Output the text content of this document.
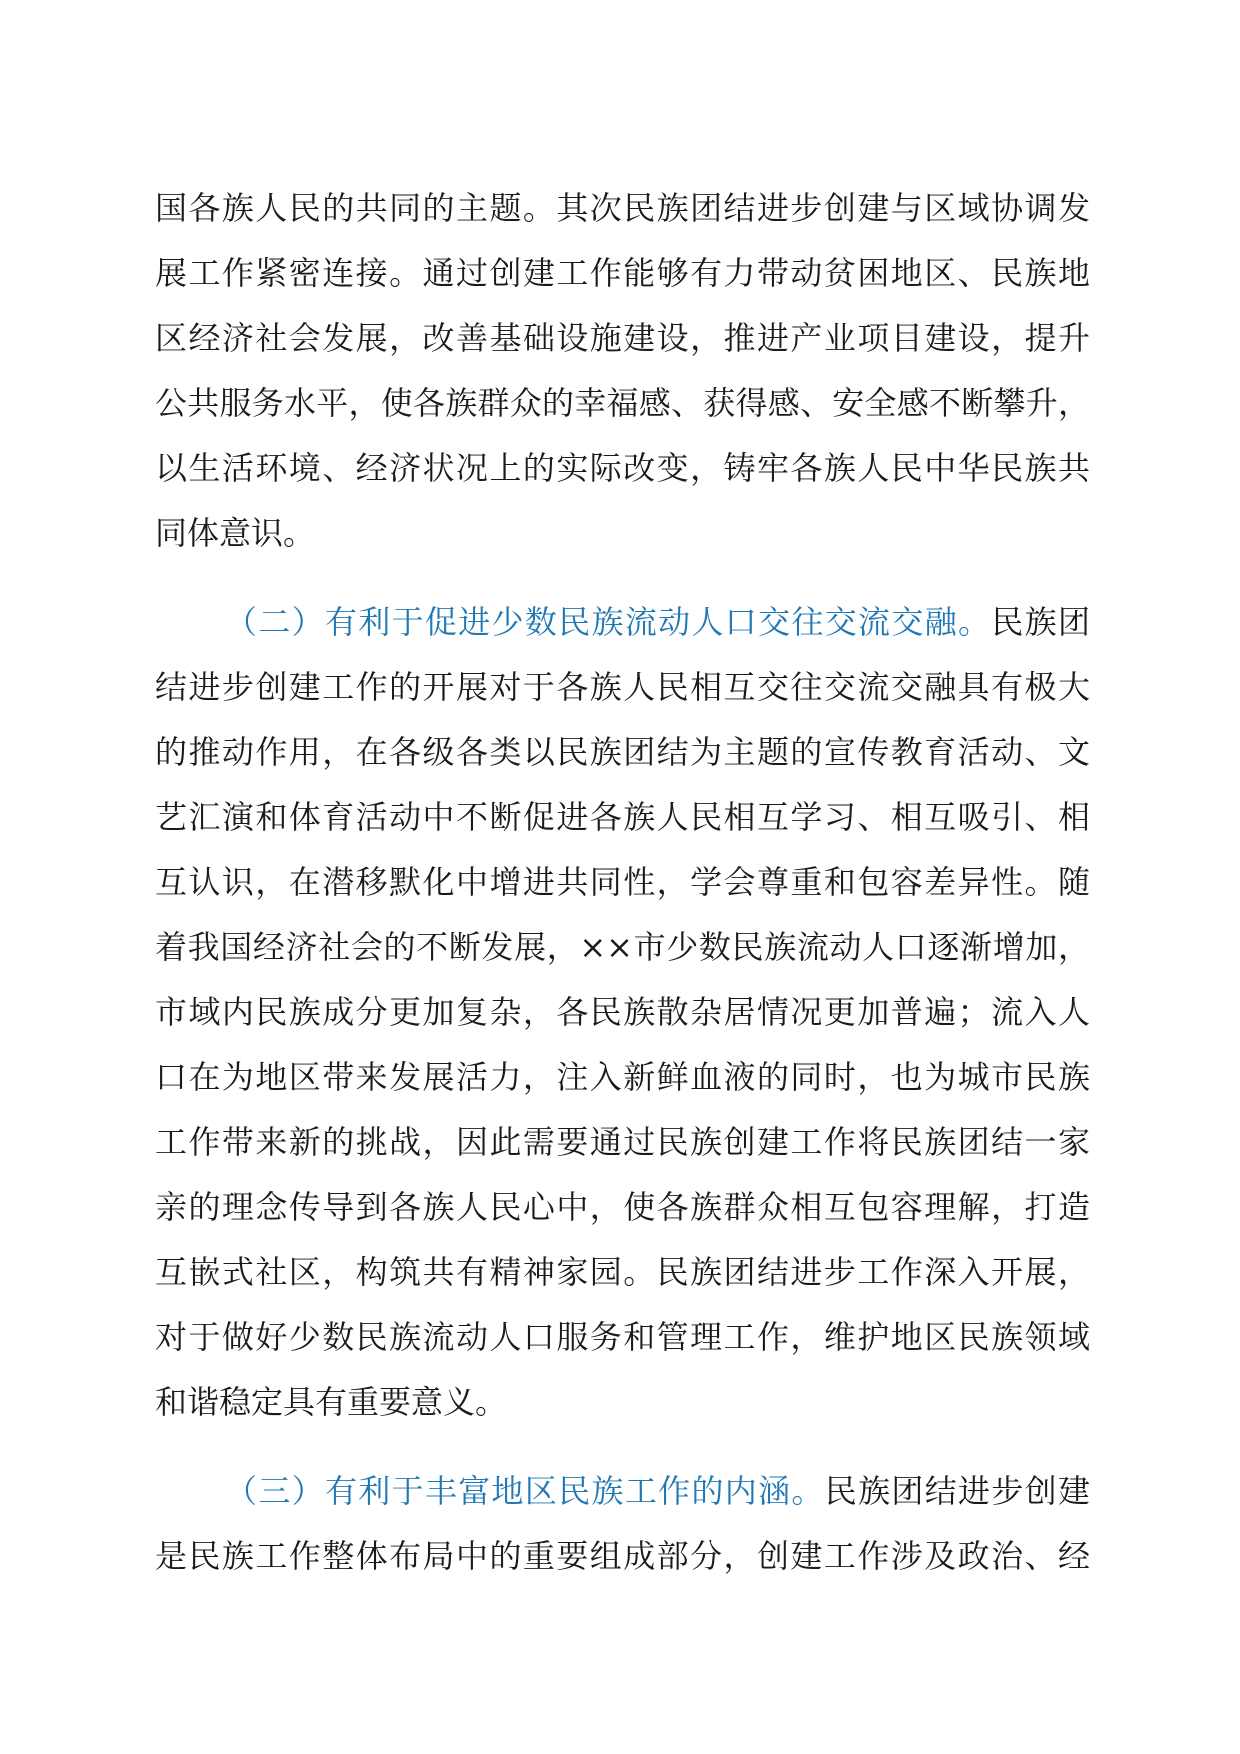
国各族人民的共同的主题。其次民族团结进步创建与区域协调发
展工作紧密连接。通过创建工作能够有力带动贫困地区、民族地
区经济社会发展，改善基础设施建设，推进产业项目建设，提升
公共服务水平，使各族群众的幸福感、获得感、安全感不断攀升，
以生活环境、经济状况上的实际改变，铸牢各族人民中华民族共
同体意识。
（二）有利于促进少数民族流动人口交往交流交融。民族团
结进步创建工作的开展对于各族人民相互交往交流交融具有极大
的推动作用，在各级各类以民族团结为主题的宣传教育活动、文
艺汇演和体育活动中不断促进各族人民相互学习、相互吸引、相
互认识，在潜移默化中增进共同性，学会尊重和包容差异性。随
着我国经济社会的不断发展，××市少数民族流动人口逐渐增加，
市域内民族成分更加复杂，各民族散杂居情况更加普遍；流入人
口在为地区带来发展活力，注入新鲜血液的同时，也为城市民族
工作带来新的挑战，因此需要通过民族创建工作将民族团结一家
亲的理念传导到各族人民心中，使各族群众相互包容理解，打造
互嵌式社区，构筑共有精神家园。民族团结进步工作深入开展，
对于做好少数民族流动人口服务和管理工作，维护地区民族领域
和谐稳定具有重要意义。
（三）有利于丰富地区民族工作的内涵。民族团结进步创建
是民族工作整体布局中的重要组成部分，创建工作涉及政治、经
